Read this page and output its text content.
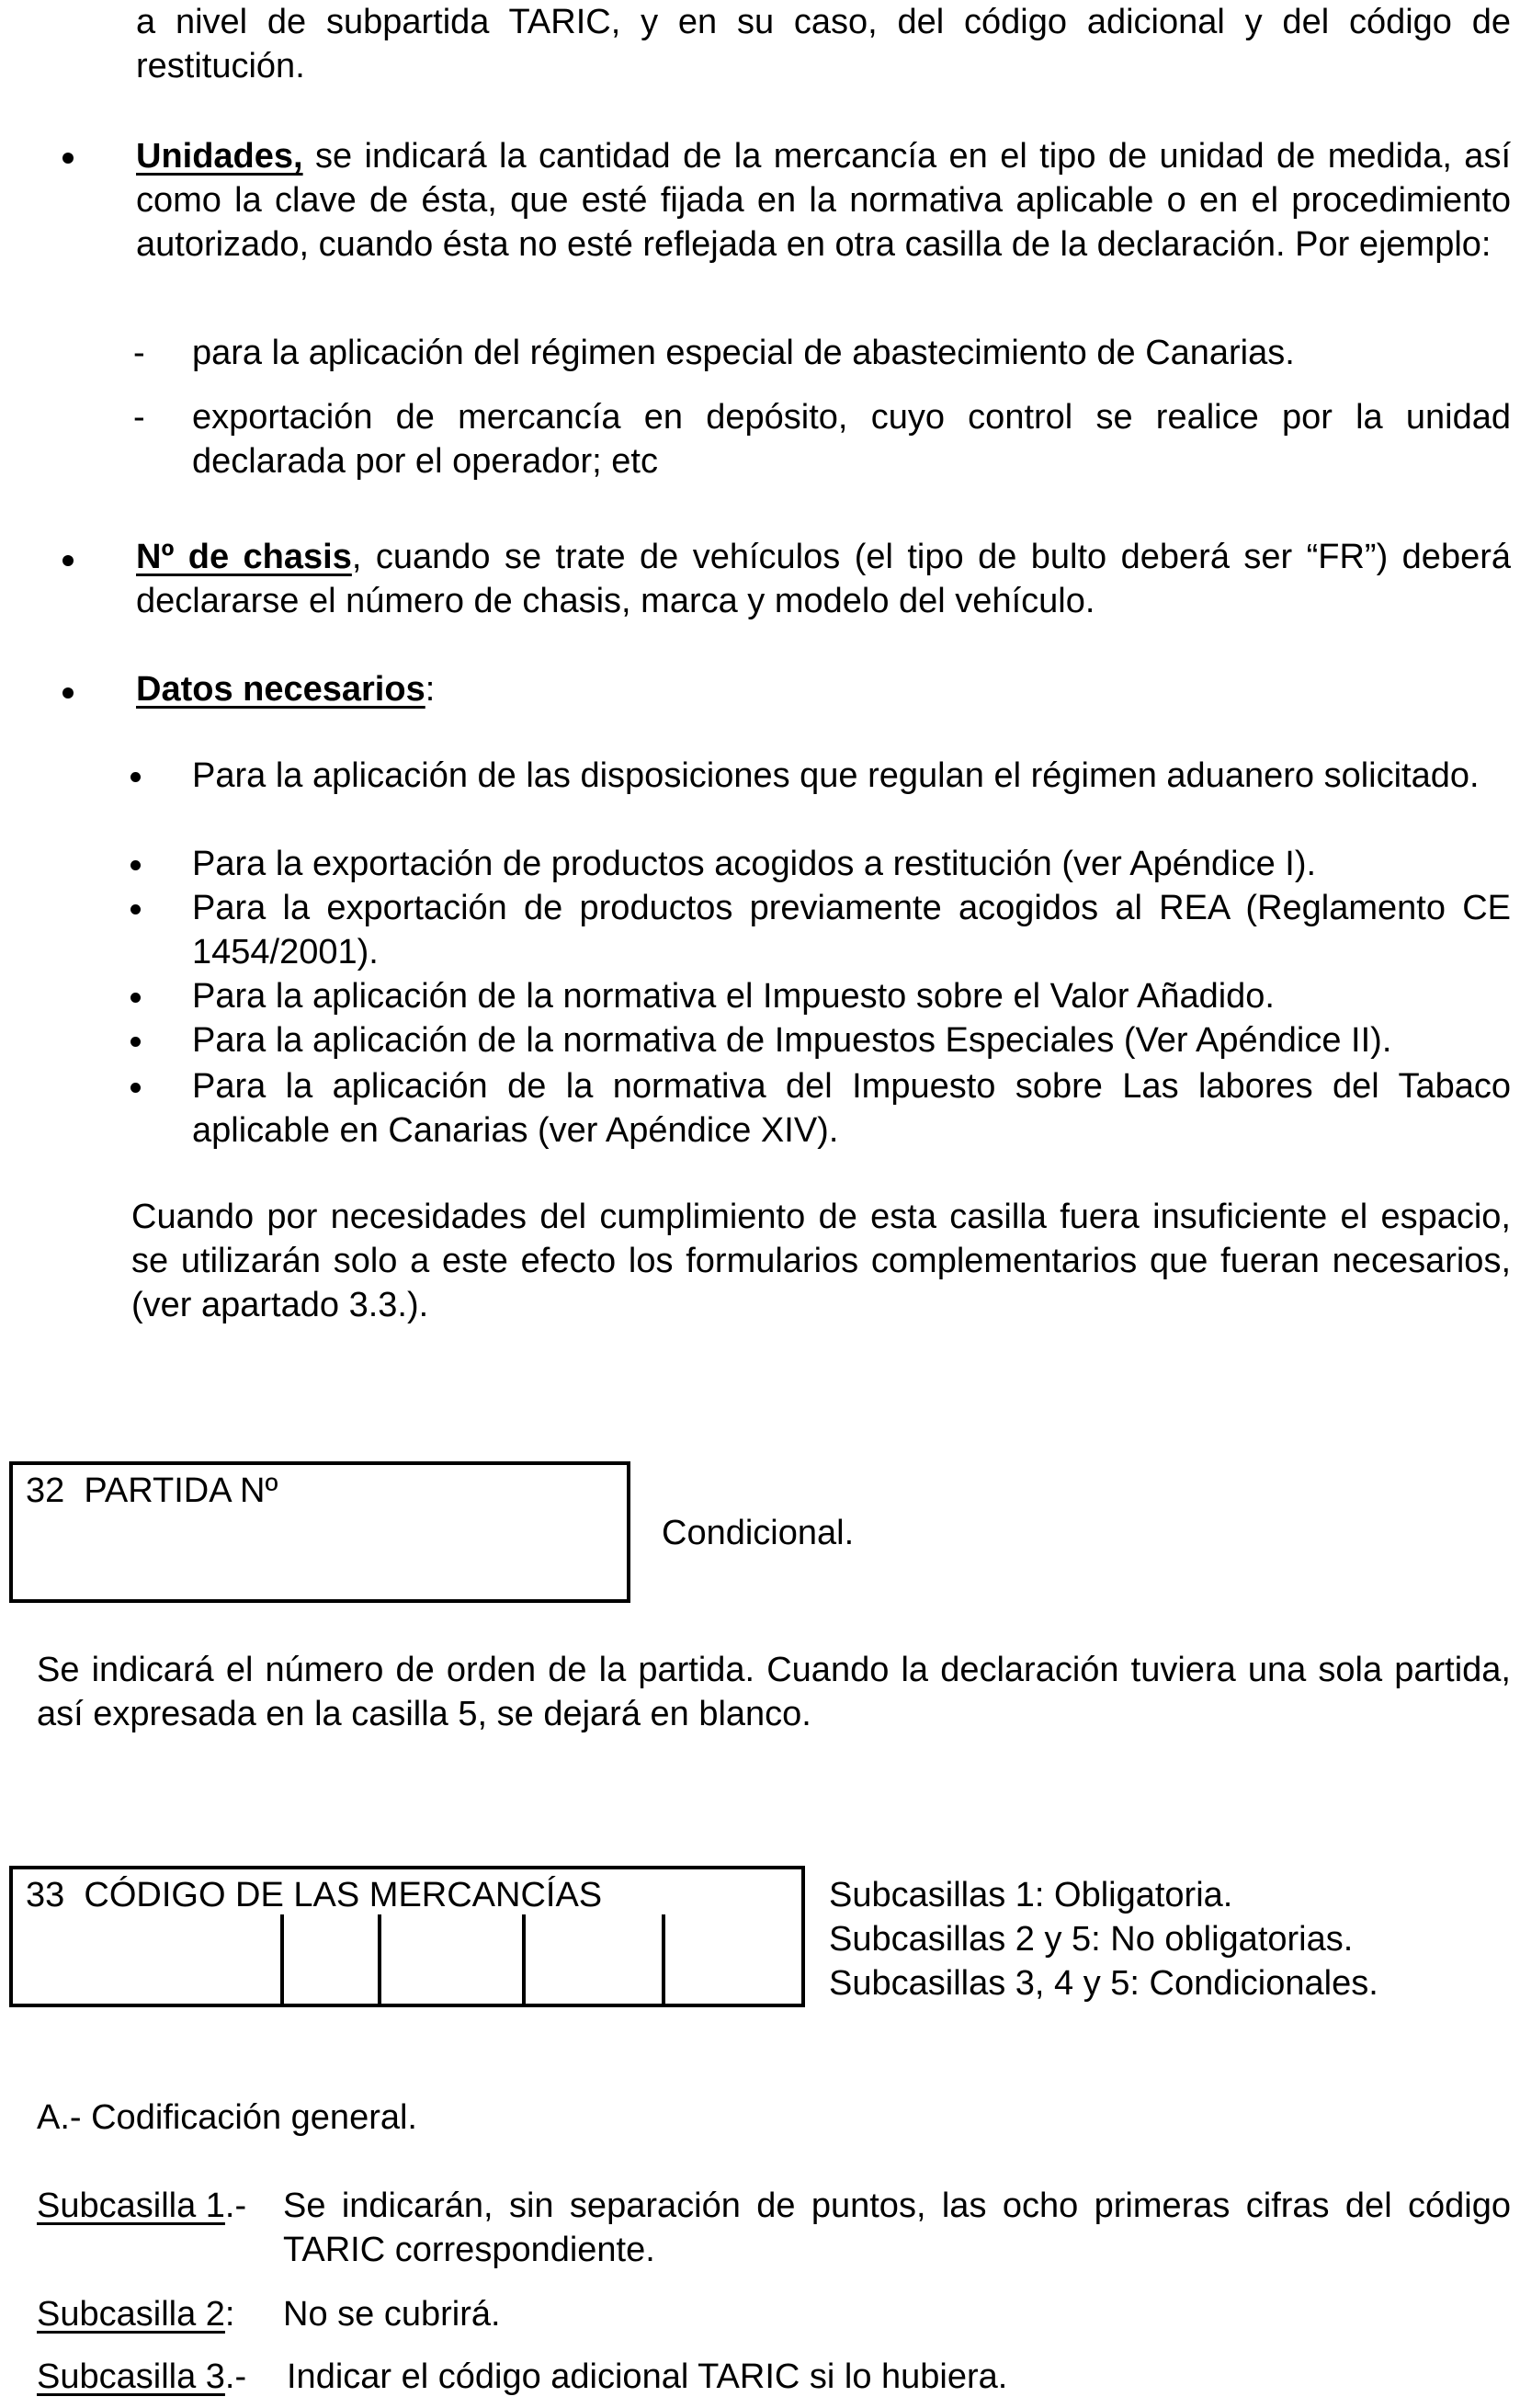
a nivel de subpartida TARIC, y en su caso, del código adicional y del código de restitución.
Unidades, se indicará la cantidad de la mercancía en el tipo de unidad de medida, así como la clave de ésta, que esté fijada en la normativa aplicable o en el procedimiento autorizado, cuando ésta no esté reflejada en otra casilla de la declaración. Por ejemplo:
- para la aplicación del régimen especial de abastecimiento de Canarias.
- exportación de mercancía en depósito, cuyo control se realice por la unidad declarada por el operador; etc
Nº de chasis, cuando se trate de vehículos (el tipo de bulto deberá ser “FR”) deberá declararse el número de chasis, marca y modelo del vehículo.
Datos necesarios:
Para la aplicación de las disposiciones que regulan el régimen aduanero solicitado.
Para la exportación de productos acogidos a restitución (ver Apéndice I).
Para la exportación de productos previamente acogidos al REA (Reglamento CE 1454/2001).
Para la aplicación de la normativa el Impuesto sobre el Valor Añadido.
Para la aplicación de la normativa de Impuestos Especiales (Ver Apéndice II).
Para la aplicación de la normativa del Impuesto sobre Las labores del Tabaco aplicable en Canarias (ver Apéndice XIV).
Cuando por necesidades del cumplimiento de esta casilla fuera insuficiente el espacio, se utilizarán solo a este efecto los formularios complementarios que fueran necesarios, (ver apartado 3.3.).
32  PARTIDA Nº
Condicional.
Se indicará el número de orden de la partida. Cuando la declaración tuviera una sola partida, así expresada en la casilla 5, se dejará en blanco.
33  CÓDIGO DE LAS MERCANCÍAS	Subcasillas 1: Obligatoria.
Subcasillas 2 y 5: No obligatorias.
Subcasillas 3, 4 y 5: Condicionales.
A.- Codificación general.
Subcasilla 1.- Se indicarán, sin separación de puntos, las ocho primeras cifras del código TARIC correspondiente.
Subcasilla 2: No se cubrirá.
Subcasilla 3.- Indicar el código adicional TARIC si lo hubiera.
